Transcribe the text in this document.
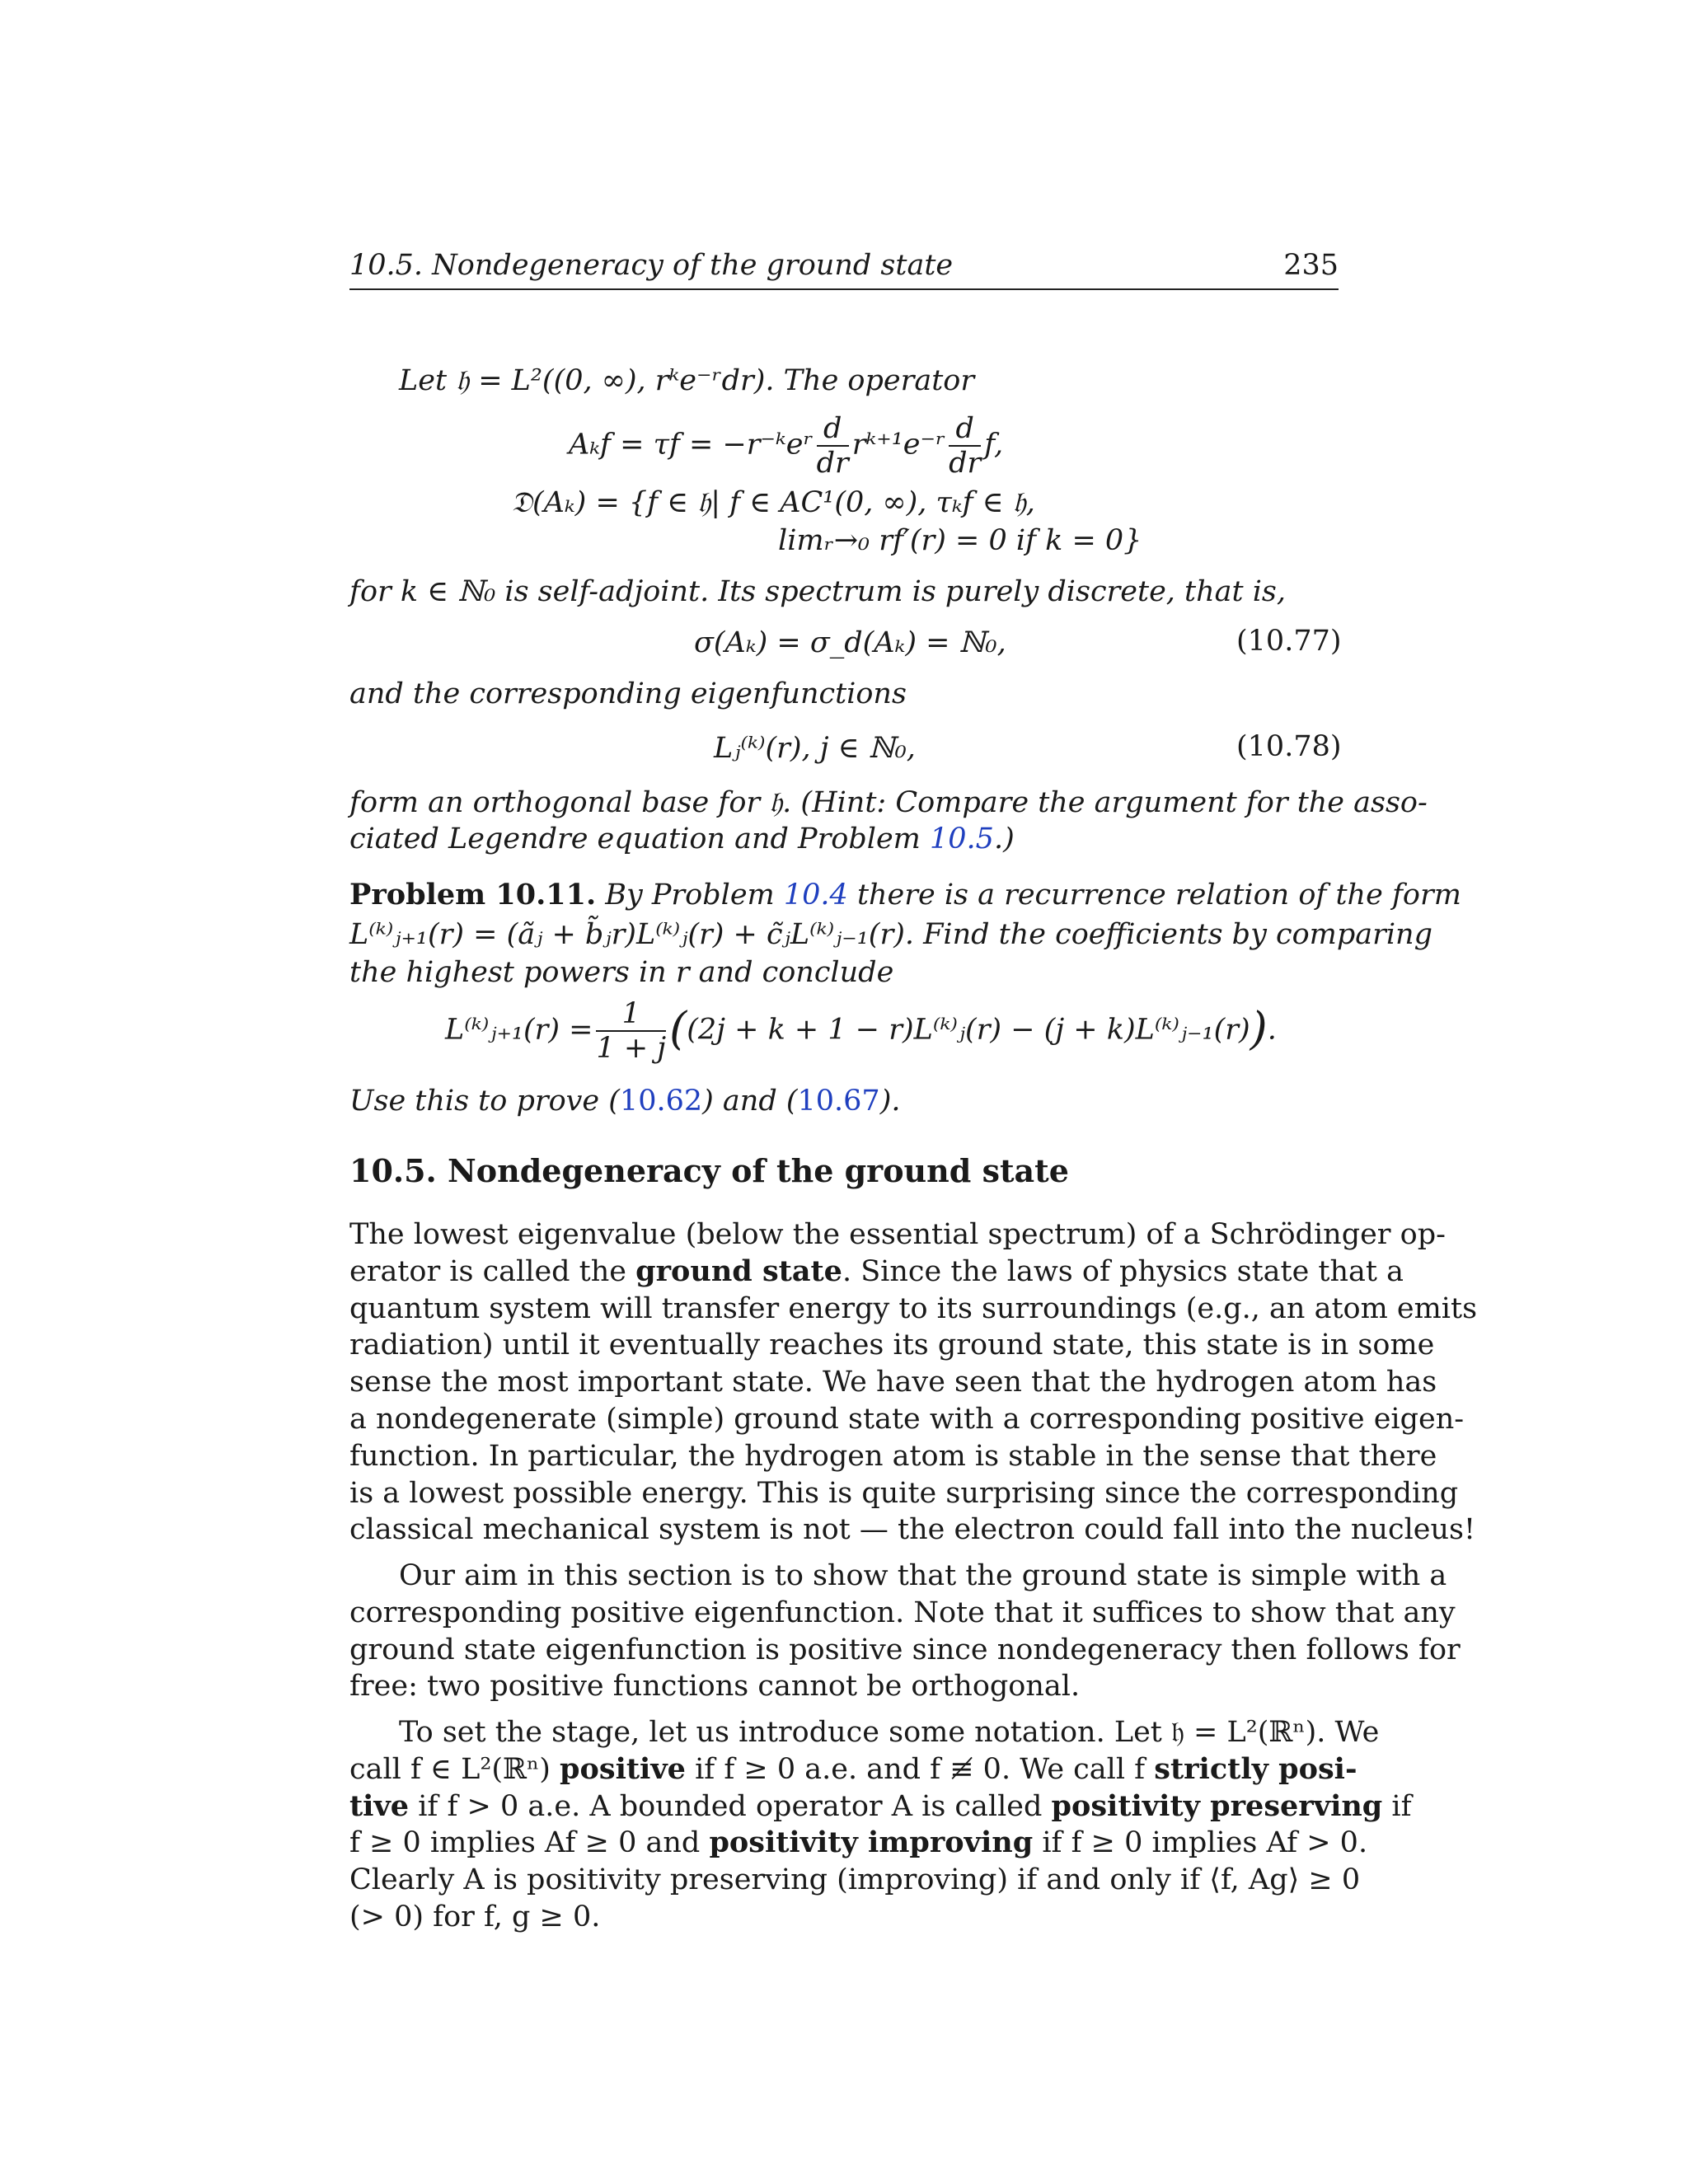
10.5. Nondegeneracy of the ground state	235
Let 𝔥 = L²((0, ∞), rᵏe⁻ʳdr). The operator
Aₖf = τf = −r⁻ᵏeʳ $\frac{d}{dr}$ rᵏ⁺¹e⁻ʳ $\frac{d}{dr} f$,
𝔇(Aₖ) = {f ∈ 𝔥| f ∈ AC¹(0, ∞), τₖf ∈ 𝔥,
limᵣ→₀ rf′(r) = 0 if k = 0}
for k ∈ ℕ₀ is self-adjoint. Its spectrum is purely discrete, that is,
σ(Aₖ) = σ_d(Aₖ) = ℕ₀,	(10.77)
and the corresponding eigenfunctions
Lⱼ⁽ᵏ⁾(r), j ∈ ℕ₀,	(10.78)
form an orthogonal base for 𝔥. (Hint: Compare the argument for the asso-
ciated Legendre equation and Problem 10.5.)
Problem 10.11. By Problem 10.4 there is a recurrence relation of the form
L⁽ᵏ⁾ⱼ₊₁(r) = (ãⱼ + b̃ⱼr)L⁽ᵏ⁾ⱼ(r) + c̃ⱼL⁽ᵏ⁾ⱼ₋₁(r). Find the coefficients by comparing
the highest powers in r and conclude
L⁽ᵏ⁾ⱼ₊₁(r) = $\frac{1}{1 + j} ((2j + k + 1$ − r)L⁽ᵏ⁾ⱼ(r) − (j + k)L⁽ᵏ⁾ⱼ₋₁(r)).
Use this to prove (10.62) and (10.67).
10.5. Nondegeneracy of the ground state
The lowest eigenvalue (below the essential spectrum) of a Schrödinger op-
erator is called the ground state. Since the laws of physics state that a
quantum system will transfer energy to its surroundings (e.g., an atom emits
radiation) until it eventually reaches its ground state, this state is in some
sense the most important state. We have seen that the hydrogen atom has
a nondegenerate (simple) ground state with a corresponding positive eigen-
function. In particular, the hydrogen atom is stable in the sense that there
is a lowest possible energy. This is quite surprising since the corresponding
classical mechanical system is not — the electron could fall into the nucleus!
Our aim in this section is to show that the ground state is simple with a
corresponding positive eigenfunction. Note that it suffices to show that any
ground state eigenfunction is positive since nondegeneracy then follows for
free: two positive functions cannot be orthogonal.
To set the stage, let us introduce some notation. Let 𝔥 = L²(ℝⁿ). We
call f ∈ L²(ℝⁿ) positive if f ≥ 0 a.e. and f ≢ 0. We call f strictly posi-
tive if f > 0 a.e. A bounded operator A is called positivity preserving if
f ≥ 0 implies Af ≥ 0 and positivity improving if f ≥ 0 implies Af > 0.
Clearly A is positivity preserving (improving) if and only if ⟨f, Ag⟩ ≥ 0
(> 0) for f, g ≥ 0.
